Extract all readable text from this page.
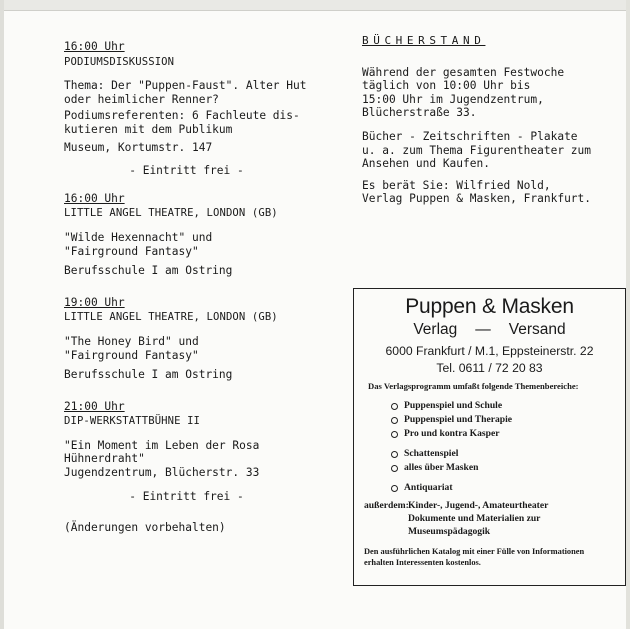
16:00 Uhr

PODIUMSDISKUSSION

Thema: Der "Puppen-Faust". Alter Hut
oder heimlicher Renner?

Podiumsreferenten: 6 Fachleute dis-
kutieren mit dem Publikum

Museum, Kortumstr. 147

- Eintritt frei -

16:00 Uhr

LITTLE ANGEL THEATRE, LONDON (GB)

"Wilde Hexennacht" und
"Fairground Fantasy"

Berufsschule I am Ostring

19:00 Uhr

LITTLE ANGEL THEATRE, LONDON (GB)

"The Honey Bird" und
"Fairground Fantasy"

Berufsschule I am Ostring

21:00 Uhr

DIP-WERKSTATTBÜHNE II

"Ein Moment im Leben der Rosa
Hühnerdraht"

Jugendzentrum, Blücherstr. 33

- Eintritt frei -

(Änderungen vorbehalten)

BÜCHERSTAND

Während der gesamten Festwoche
täglich von 10:00 Uhr bis
15:00 Uhr im Jugendzentrum,
Blücherstraße 33.

Bücher - Zeitschriften - Plakate
u. a. zum Thema Figurentheater zum
Ansehen und Kaufen.

Es berät Sie: Wilfried Nold,
Verlag Puppen & Masken, Frankfurt.

Puppen & Masken
Verlag — Versand
6000 Frankfurt / M.1, Eppsteinerstr. 22
Tel. 0611 / 72 20 83

Das Verlagsprogramm umfaßt folgende Themenbereiche:

Puppenspiel und Schule
Puppenspiel und Therapie
Pro und kontra Kasper
Schattenspiel
alles über Masken
Antiquariat
außerdem: Kinder-, Jugend-, Amateurtheater
Dokumente und Materialien zur
Museumspädagogik

Den ausführlichen Katalog mit einer Fülle von Informationen
erhalten Interessenten kostenlos.
